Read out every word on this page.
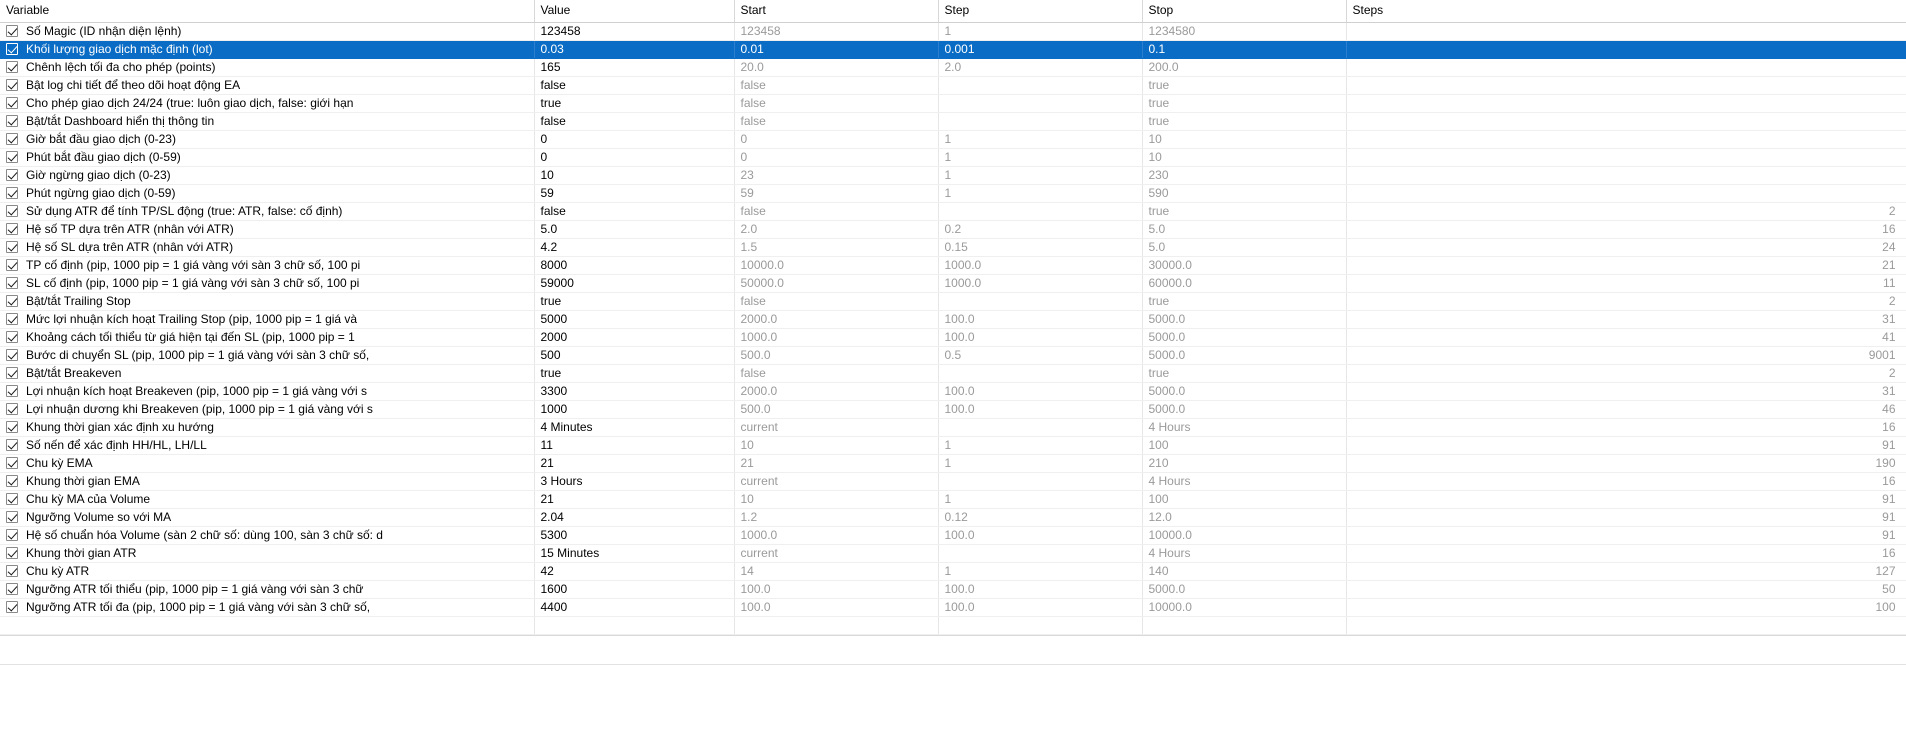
Variable	Value	Start	Step	Stop	Steps

Số Magic (ID nhận diện lệnh)	123458	123458	1	1234580	

Khối lượng giao dịch mặc định (lot)	0.03	0.01	0.001	0.1	

Chênh lệch tối đa cho phép (points)	165	20.0	2.0	200.0	

Bật log chi tiết để theo dõi hoạt động EA	false	false		true	

Cho phép giao dịch 24/24 (true: luôn giao dịch, false: giới hạn	true	false		true	

Bật/tắt Dashboard hiển thị thông tin	false	false		true	

Giờ bắt đầu giao dịch (0-23)	0	0	1	10	

Phút bắt đầu giao dịch (0-59)	0	0	1	10	

Giờ ngừng giao dịch (0-23)	10	23	1	230	

Phút ngừng giao dịch (0-59)	59	59	1	590	

Sử dụng ATR để tính TP/SL động (true: ATR, false: cố định)	false	false		true	2

Hệ số TP dựa trên ATR (nhân với ATR)	5.0	2.0	0.2	5.0	16

Hệ số SL dựa trên ATR (nhân với ATR)	4.2	1.5	0.15	5.0	24

TP cố định (pip, 1000 pip = 1 giá vàng với sàn 3 chữ số, 100 pi	8000	10000.0	1000.0	30000.0	21

SL cố định (pip, 1000 pip = 1 giá vàng với sàn 3 chữ số, 100 pi	59000	50000.0	1000.0	60000.0	11

Bật/tắt Trailing Stop	true	false		true	2

Mức lợi nhuận kích hoạt Trailing Stop (pip, 1000 pip = 1 giá và	5000	2000.0	100.0	5000.0	31

Khoảng cách tối thiểu từ giá hiện tại đến SL (pip, 1000 pip = 1	2000	1000.0	100.0	5000.0	41

Bước di chuyển SL (pip, 1000 pip = 1 giá vàng với sàn 3 chữ số,	500	500.0	0.5	5000.0	9001

Bật/tắt Breakeven	true	false		true	2

Lợi nhuận kích hoạt Breakeven (pip, 1000 pip = 1 giá vàng với s	3300	2000.0	100.0	5000.0	31

Lợi nhuận dương khi Breakeven (pip, 1000 pip = 1 giá vàng với s	1000	500.0	100.0	5000.0	46

Khung thời gian xác định xu hướng	4 Minutes	current		4 Hours	16

Số nến để xác định HH/HL, LH/LL	11	10	1	100	91

Chu kỳ EMA	21	21	1	210	190

Khung thời gian EMA	3 Hours	current		4 Hours	16

Chu kỳ MA của Volume	21	10	1	100	91

Ngưỡng Volume so với MA	2.04	1.2	0.12	12.0	91

Hệ số chuẩn hóa Volume (sàn 2 chữ số: dùng 100, sàn 3 chữ số: d	5300	1000.0	100.0	10000.0	91

Khung thời gian ATR	15 Minutes	current		4 Hours	16

Chu kỳ ATR	42	14	1	140	127

Ngưỡng ATR tối thiểu (pip, 1000 pip = 1 giá vàng với sàn 3 chữ	1600	100.0	100.0	5000.0	50

Ngưỡng ATR tối đa (pip, 1000 pip = 1 giá vàng với sàn 3 chữ số,	4400	100.0	100.0	10000.0	100
